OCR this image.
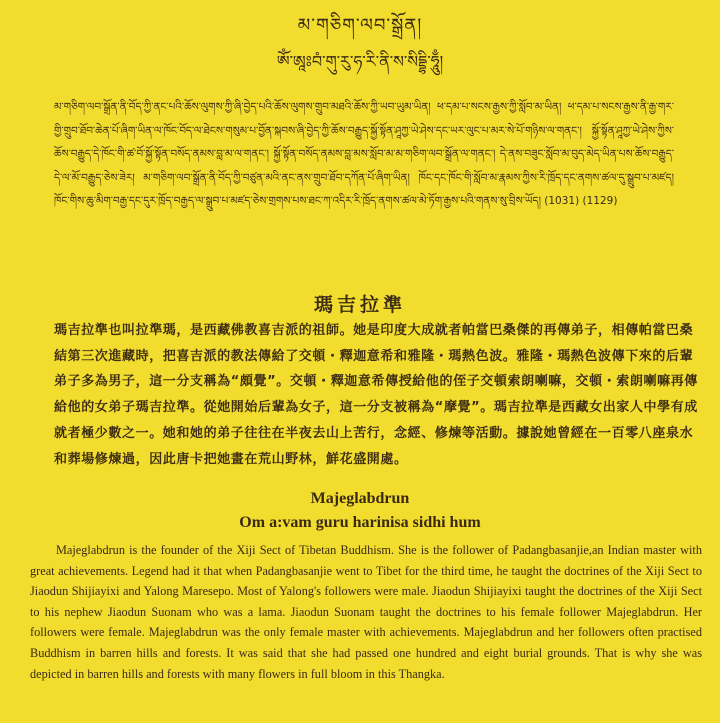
མ་གཅིག་ལབ་སྒྲོན།
ཨོཾ་ཨཱཿབཾ་གུ་རུ་ཧ་རི་ནི་ས་སིདྡྷི་ཧཱུྃ།
མ་གཅིག་ལབ་སྒྲོན་ནི་བོད་ཀྱི་ནང་པའི་ཆོས་ལུགས་ཀྱི་ཞི་བྱེད་པའི་ཆོས་ལུགས་གྲུབ་མཐའི་ཆོས་ཀྱི་ཡབ་ཡུམ་ཡིན། ཕ་དམ་པ་སངས་རྒྱས་ཀྱི་སློབ་མ་ཡིན། ཕ་དམ་པ་སངས་རྒྱས་ནི་རྒྱ་གར་གྱི་གྲུབ་ཐོབ་ཆེན་པོ་ཞིག་ཡིན་ལ་ཁོང་བོད་ལ་ཐེངས་གསུམ་པ་བྱོན་སྐབས་ཞི་བྱེད་ཀྱི་ཆོས་བརྒྱུད་སྐྱོ་སྟོན་ཤཱཀྱ་ཡེ་ཤེས་དང་ཡར་ལུང་པ་མར་སེ་པོ་གཉིས་ལ་གནང་། སྐྱོ་སྟོན་ཤཱཀྱ་ཡེ་ཤེས་ཀྱིས་ཆོས་བརྒྱུད་དེ་ཁོང་གི་ཚ་བོ་སྐྱོ་སྟོན་བསོད་ནམས་བླ་མ་ལ་གནང་། སྐྱོ་སྟོན་བསོད་ནམས་བླ་མས་སློབ་མ་མ་གཅིག་ལབ་སྒྲོན་ལ་གནང་། དེ་ནས་བཟུང་སློབ་མ་བུད་མེད་ཡིན་པས་ཆོས་བརྒྱུད་དེ་ལ་མོ་བརྒྱུད་ཅེས་ཟེར། མ་གཅིག་ལབ་སྒྲོན་ནི་བོད་ཀྱི་བཙུན་མའི་ནང་ནས་གྲུབ་ཐོབ་དཀོན་པོ་ཞིག་ཡིན། ཁོང་དང་ཁོང་གི་སློབ་མ་རྣམས་ཀྱིས་རི་ཁྲོད་དང་ནགས་ཚལ་དུ་སྒྲུབ་པ་མཛད། ཁོང་གིས་ཆུ་མིག་བརྒྱ་དང་དུར་ཁྲོད་བརྒྱད་ལ་སྒྲུབ་པ་མཛད་ཅེས་གྲགས་པས་ཐང་ཀ་འདིར་རི་ཁྲོད་ནགས་ཚལ་མེ་ཏོག་རྒྱས་པའི་གནས་སུ་བྲིས་ཡོད། (1031) (1129)
瑪吉拉準
瑪吉拉準也叫拉準瑪，是西藏佛教喜吉派的祖師。她是印度大成就者帕當巴桑傑的再傳弟子，相傳帕當巴桑結第三次進藏時，把喜吉派的教法傳給了交頓・釋迦意希和雅隆・瑪熱色波。雅隆・瑪熱色波傳下來的后輩弟子多為男子，這一分支稱為“頗覺”。交頓・釋迦意希傳授給他的侄子交頓索朗喇嘛，交頓・索朗喇嘛再傳給他的女弟子瑪吉拉準。從她開始后輩為女子，這一分支被稱為“摩覺”。瑪吉拉準是西藏女出家人中學有成就者極少數之一。她和她的弟子往往在半夜去山上苦行，念經、修煉等活動。據說她曾經在一百零八座泉水和葬場修煉過，因此唐卡把她畫在荒山野林，鮮花盛開處。
Majeglabdrun
Om a:vam guru harinisa sidhi hum
Majeglabdrun is the founder of the Xiji Sect of Tibetan Buddhism. She is the follower of Padangbasanjie,an Indian master with great achievements. Legend had it that when Padangbasanjie went to Tibet for the third time, he taught the doctrines of the Xiji Sect to Jiaodun Shijiayixi and Yalong Maresepo. Most of Yalong's followers were male. Jiaodun Shijiayixi taught the doctrines of the Xiji Sect to his nephew Jiaodun Suonam who was a lama. Jiaodun Suonam taught the doctrines to his female follower Majeglabdrun. Her followers were female. Majeglabdrun was the only female master with achievements. Majeglabdrun and her followers often practised Buddhism in barren hills and forests. It was said that she had passed one hundred and eight burial grounds. That is why she was depicted in barren hills and forests with many flowers in full bloom in this Thangka.
